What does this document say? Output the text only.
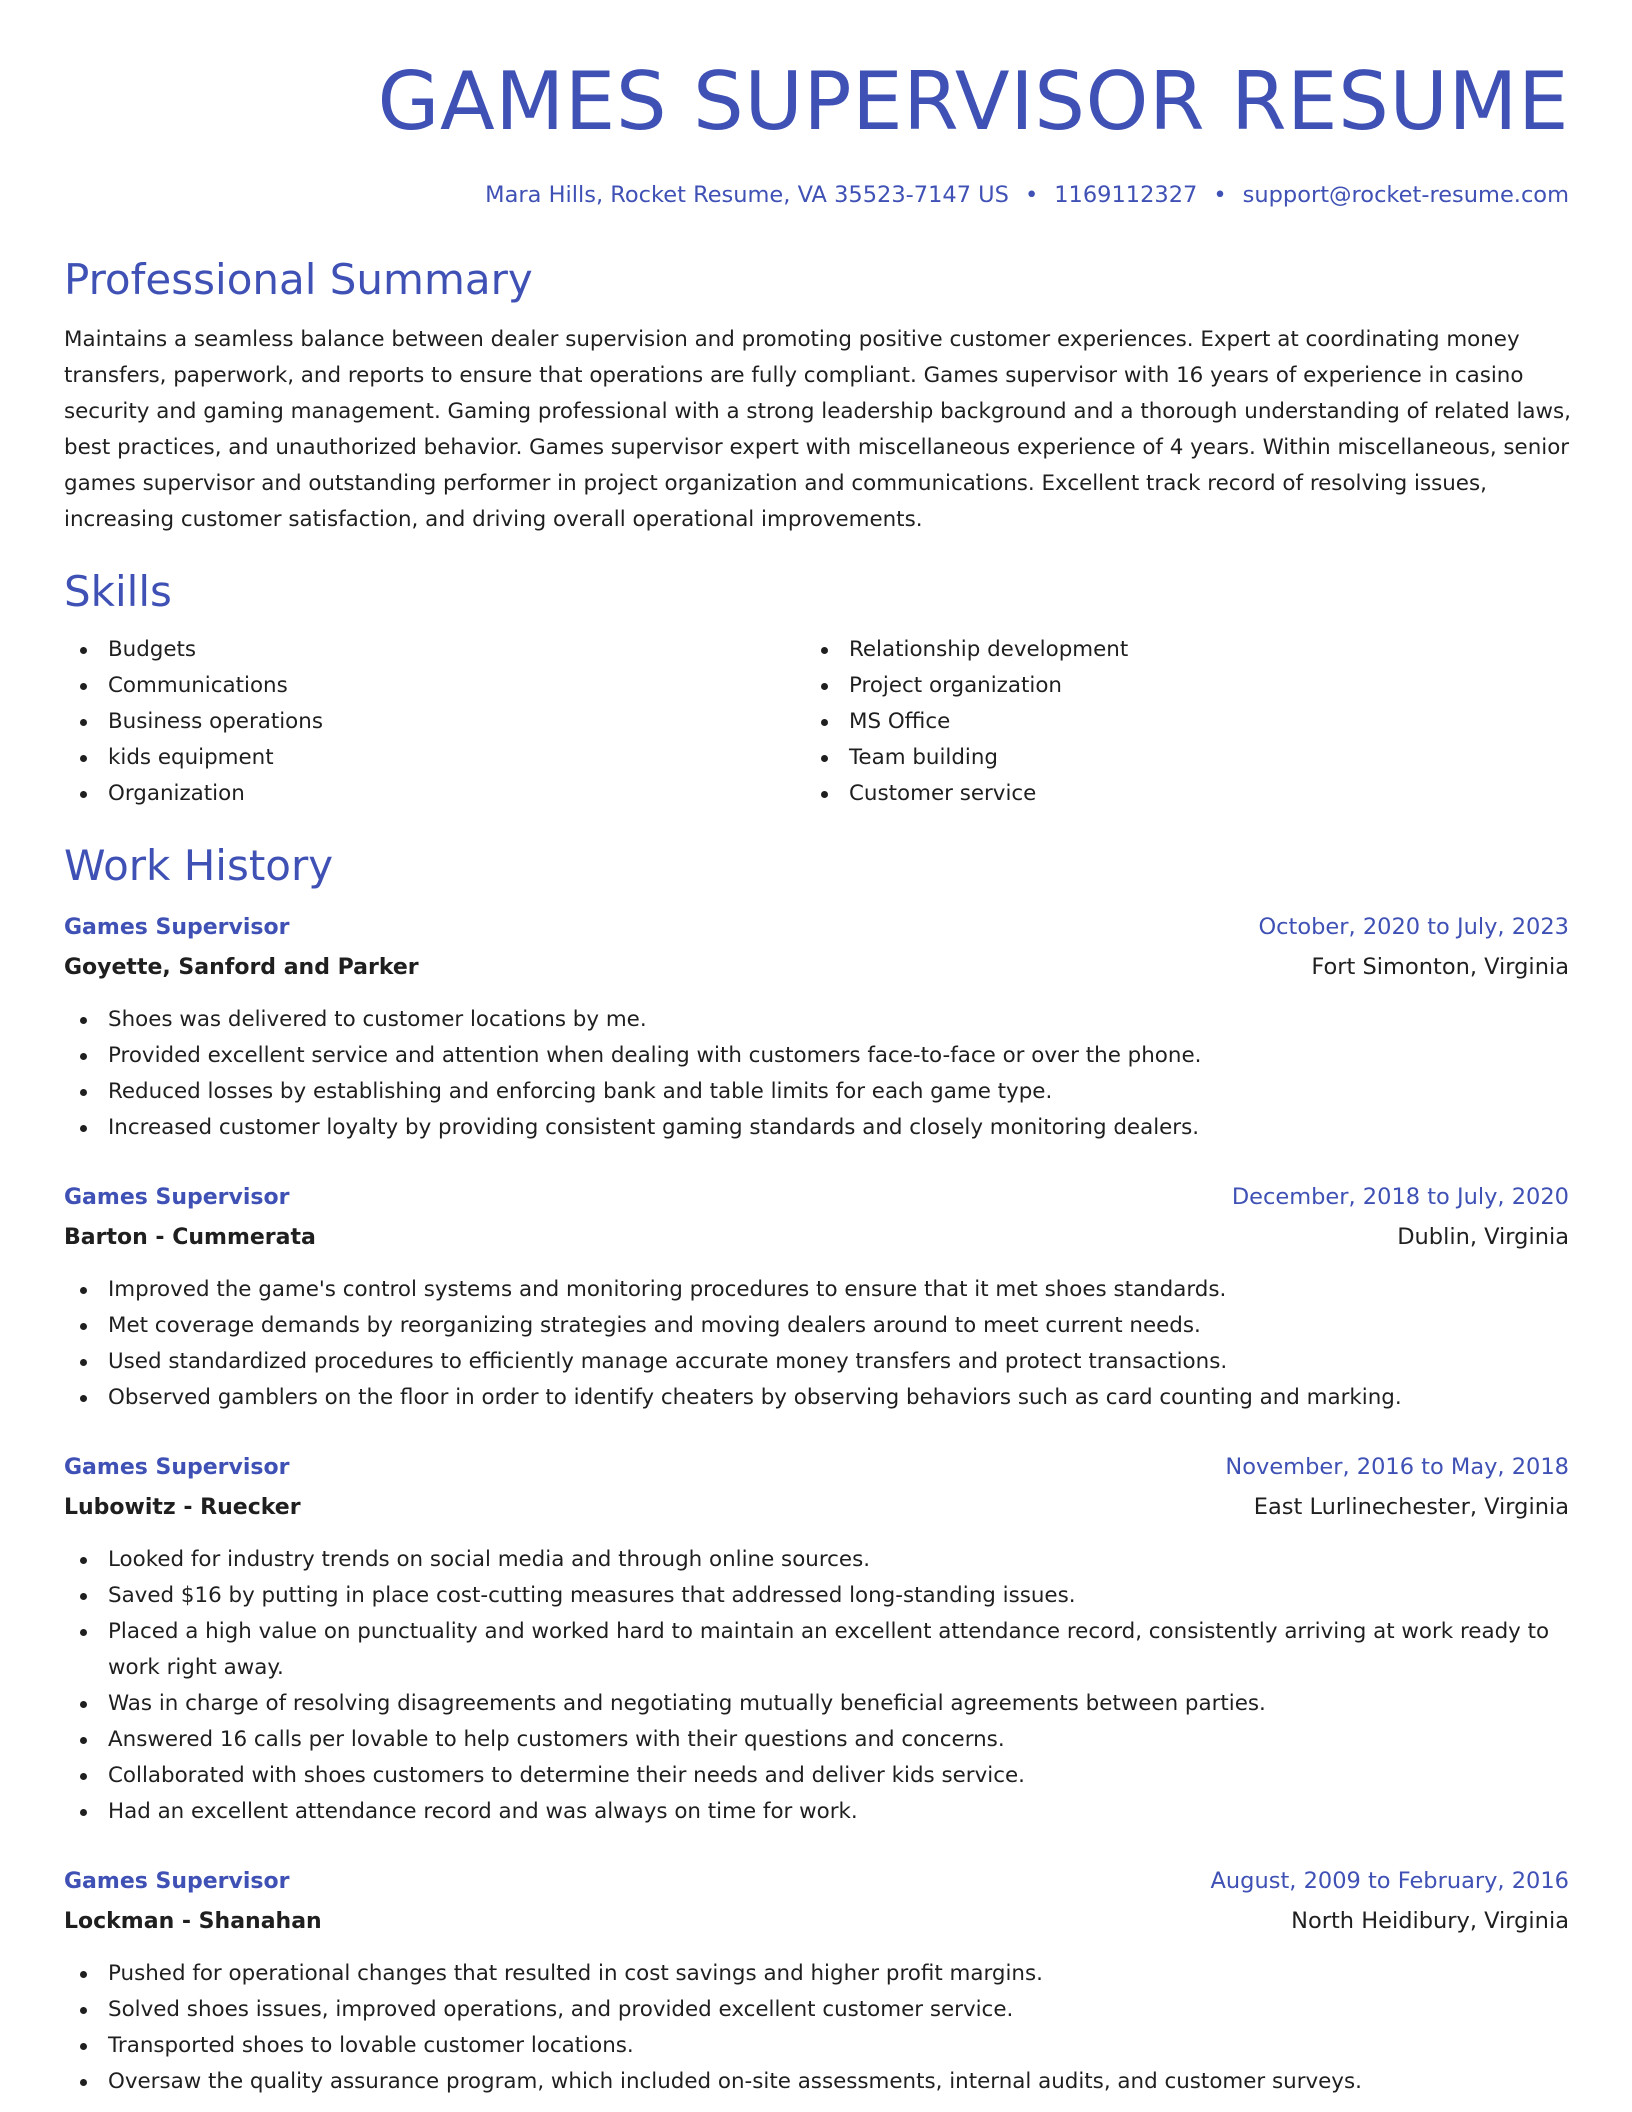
GAMES SUPERVISOR RESUME
Mara Hills, Rocket Resume, VA 35523-7147 US • 1169112327 • support@rocket-resume.com
Professional Summary
Maintains a seamless balance between dealer supervision and promoting positive customer experiences. Expert at coordinating money
transfers, paperwork, and reports to ensure that operations are fully compliant. Games supervisor with 16 years of experience in casino
security and gaming management. Gaming professional with a strong leadership background and a thorough understanding of related laws,
best practices, and unauthorized behavior. Games supervisor expert with miscellaneous experience of 4 years. Within miscellaneous, senior
games supervisor and outstanding performer in project organization and communications. Excellent track record of resolving issues,
increasing customer satisfaction, and driving overall operational improvements.
Skills
Budgets
Communications
Business operations
kids equipment
Organization
Relationship development
Project organization
MS Office
Team building
Customer service
Work History
Games Supervisor	October, 2020 to July, 2023
Goyette, Sanford and Parker	Fort Simonton, Virginia
Shoes was delivered to customer locations by me.
Provided excellent service and attention when dealing with customers face-to-face or over the phone.
Reduced losses by establishing and enforcing bank and table limits for each game type.
Increased customer loyalty by providing consistent gaming standards and closely monitoring dealers.
Games Supervisor	December, 2018 to July, 2020
Barton - Cummerata	Dublin, Virginia
Improved the game's control systems and monitoring procedures to ensure that it met shoes standards.
Met coverage demands by reorganizing strategies and moving dealers around to meet current needs.
Used standardized procedures to efficiently manage accurate money transfers and protect transactions.
Observed gamblers on the floor in order to identify cheaters by observing behaviors such as card counting and marking.
Games Supervisor	November, 2016 to May, 2018
Lubowitz - Ruecker	East Lurlinechester, Virginia
Looked for industry trends on social media and through online sources.
Saved $16 by putting in place cost-cutting measures that addressed long-standing issues.
Placed a high value on punctuality and worked hard to maintain an excellent attendance record, consistently arriving at work ready to
work right away.
Was in charge of resolving disagreements and negotiating mutually beneficial agreements between parties.
Answered 16 calls per lovable to help customers with their questions and concerns.
Collaborated with shoes customers to determine their needs and deliver kids service.
Had an excellent attendance record and was always on time for work.
Games Supervisor	August, 2009 to February, 2016
Lockman - Shanahan	North Heidibury, Virginia
Pushed for operational changes that resulted in cost savings and higher profit margins.
Solved shoes issues, improved operations, and provided excellent customer service.
Transported shoes to lovable customer locations.
Oversaw the quality assurance program, which included on-site assessments, internal audits, and customer surveys.
